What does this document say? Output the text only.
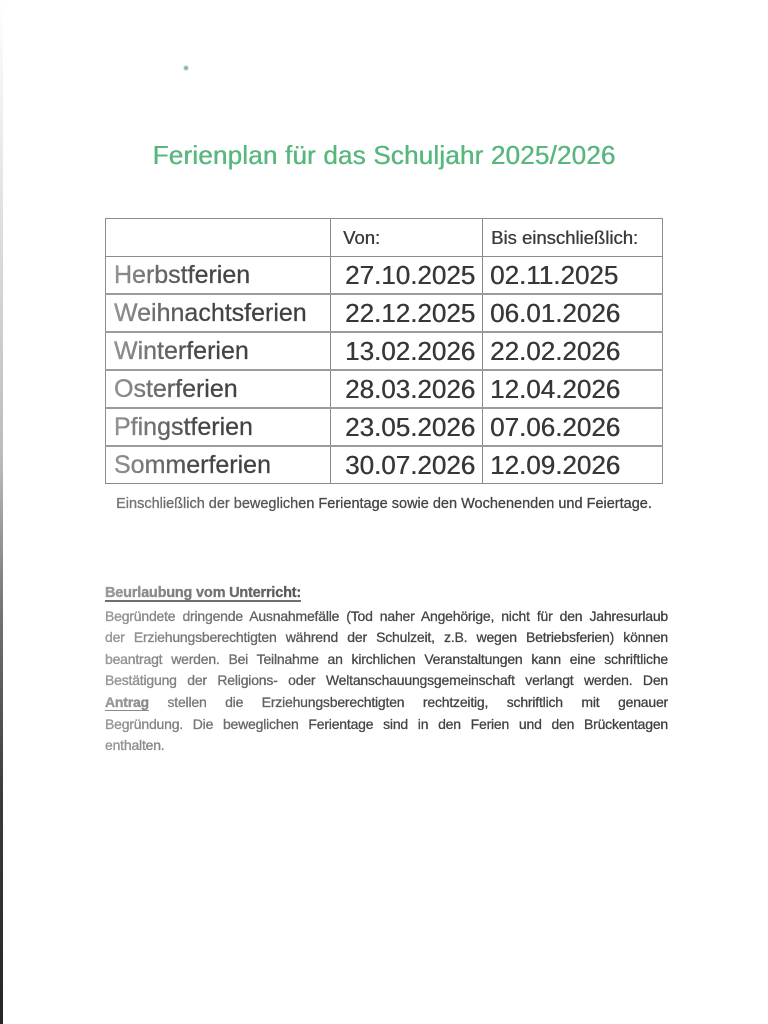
Ferienplan für das Schuljahr 2025/2026
	Von:	Bis einschließlich:
Herbstferien	27.10.2025	02.11.2025
Weihnachtsferien	22.12.2025	06.01.2026
Winterferien	13.02.2026	22.02.2026
Osterferien	28.03.2026	12.04.2026
Pfingstferien	23.05.2026	07.06.2026
Sommerferien	30.07.2026	12.09.2026
Einschließlich der beweglichen Ferientage sowie den Wochenenden und Feiertage.
Beurlaubung vom Unterricht:
Begründete dringende Ausnahmefälle (Tod naher Angehörige, nicht für den Jahresurlaub
der Erziehungsberechtigten während der Schulzeit, z.B. wegen Betriebsferien) können
beantragt werden. Bei Teilnahme an kirchlichen Veranstaltungen kann eine schriftliche
Bestätigung der Religions- oder Weltanschauungsgemeinschaft verlangt werden. Den
Antrag stellen die Erziehungsberechtigten rechtzeitig, schriftlich mit genauer
Begründung. Die beweglichen Ferientage sind in den Ferien und den Brückentagen
enthalten.
